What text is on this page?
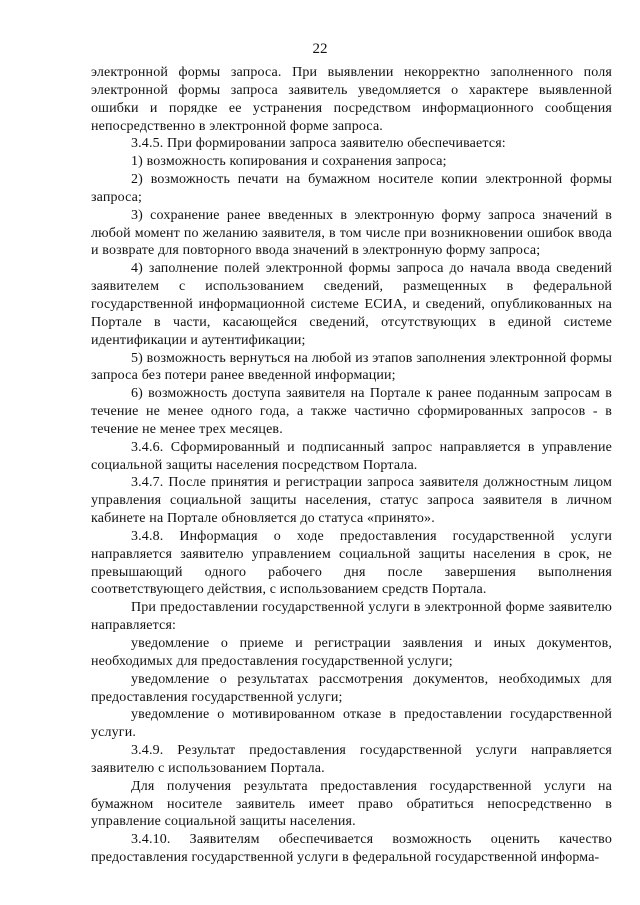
22

электронной формы запроса. При выявлении некорректно заполненного поля электронной формы запроса заявитель уведомляется о характере выявленной ошибки и порядке ее устранения посредством информационного сообщения непосредственно в электронной форме запроса.

3.4.5. При формировании запроса заявителю обеспечивается:

1) возможность копирования и сохранения запроса;

2) возможность печати на бумажном носителе копии электронной формы запроса;

3) сохранение ранее введенных в электронную форму запроса значений в любой момент по желанию заявителя, в том числе при возникновении ошибок ввода и возврате для повторного ввода значений в электронную форму запроса;

4) заполнение полей электронной формы запроса до начала ввода сведений заявителем с использованием сведений, размещенных в федеральной государственной информационной системе ЕСИА, и сведений, опубликованных на Портале в части, касающейся сведений, отсутствующих в единой системе идентификации и аутентификации;

5) возможность вернуться на любой из этапов заполнения электронной формы запроса без потери ранее введенной информации;

6) возможность доступа заявителя на Портале к ранее поданным запросам в течение не менее одного года, а также частично сформированных запросов - в течение не менее трех месяцев.

3.4.6. Сформированный и подписанный запрос направляется в управление социальной защиты населения посредством Портала.

3.4.7. После принятия и регистрации запроса заявителя должностным лицом управления социальной защиты населения, статус запроса заявителя в личном кабинете на Портале обновляется до статуса «принято».

3.4.8. Информация о ходе предоставления государственной услуги направляется заявителю управлением социальной защиты населения в срок, не превышающий одного рабочего дня после завершения выполнения соответствующего действия, с использованием средств Портала.

При предоставлении государственной услуги в электронной форме заявителю направляется:

уведомление о приеме и регистрации заявления и иных документов, необходимых для предоставления государственной услуги;

уведомление о результатах рассмотрения документов, необходимых для предоставления государственной услуги;

уведомление о мотивированном отказе в предоставлении государственной услуги.

3.4.9. Результат предоставления государственной услуги направляется заявителю с использованием Портала.

Для получения результата предоставления государственной услуги на бумажном носителе заявитель имеет право обратиться непосредственно в управление социальной защиты населения.

3.4.10. Заявителям обеспечивается возможность оценить качество предоставления государственной услуги в федеральной государственной информа-
